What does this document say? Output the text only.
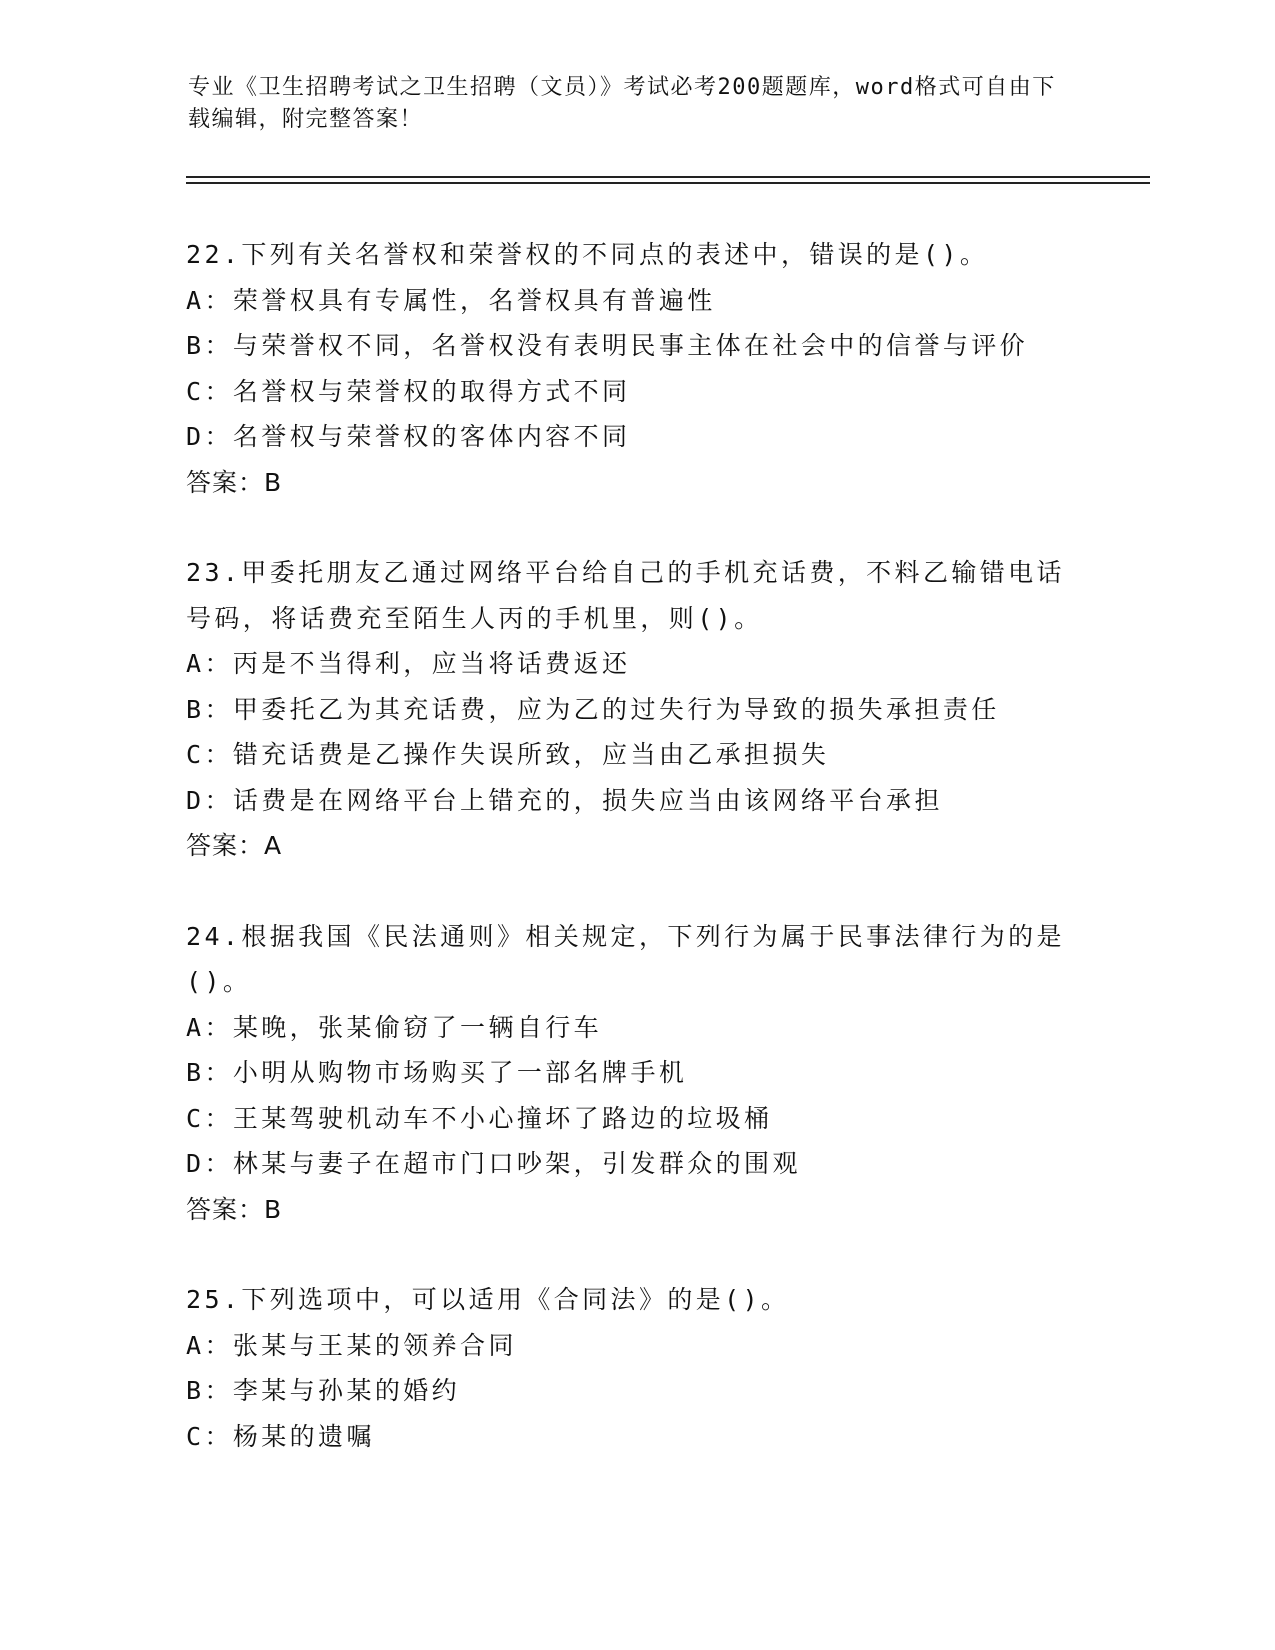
专业《卫生招聘考试之卫生招聘（文员）》考试必考200题题库，word格式可自由下载编辑，附完整答案！
22.下列有关名誉权和荣誉权的不同点的表述中，错误的是()。
A：荣誉权具有专属性，名誉权具有普遍性
B：与荣誉权不同，名誉权没有表明民事主体在社会中的信誉与评价
C：名誉权与荣誉权的取得方式不同
D：名誉权与荣誉权的客体内容不同
答案：B
23.甲委托朋友乙通过网络平台给自己的手机充话费，不料乙输错电话号码，将话费充至陌生人丙的手机里，则()。
A：丙是不当得利，应当将话费返还
B：甲委托乙为其充话费，应为乙的过失行为导致的损失承担责任
C：错充话费是乙操作失误所致，应当由乙承担损失
D：话费是在网络平台上错充的，损失应当由该网络平台承担
答案：A
24.根据我国《民法通则》相关规定，下列行为属于民事法律行为的是()。
A：某晚，张某偷窃了一辆自行车
B：小明从购物市场购买了一部名牌手机
C：王某驾驶机动车不小心撞坏了路边的垃圾桶
D：林某与妻子在超市门口吵架，引发群众的围观
答案：B
25.下列选项中，可以适用《合同法》的是()。
A：张某与王某的领养合同
B：李某与孙某的婚约
C：杨某的遗嘱
